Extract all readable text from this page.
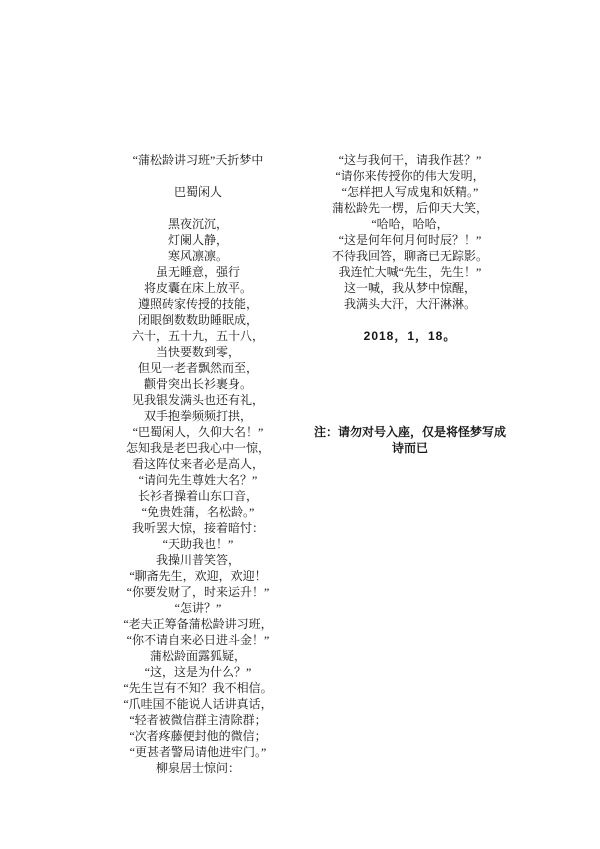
“蒲松龄讲习班”夭折梦中
巴蜀闲人
黑夜沉沉，
灯阑人静，
寒风凛凛。
虽无睡意，强行
将皮囊在床上放平。
遵照砖家传授的技能，
闭眼倒数数助睡眠成，
六十，五十九，五十八，
当快要数到零，
但见一老者飘然而至，
颧骨突出长衫裹身。
见我银发满头也还有礼，
双手抱拳频频打拱，
“巴蜀闲人，久仰大名！”
怎知我是老巴我心中一惊，
看这阵仗来者必是高人，
“请问先生尊姓大名？”
长衫者操着山东口音，
“免贵姓蒲，名松龄。”
我听罢大惊，接着暗忖：
“天助我也！”
我操川普笑答，
“聊斋先生，欢迎，欢迎！
“你要发财了，时来运升！”
“怎讲？”
“老夫正筹备蒲松龄讲习班，
“你不请自来必日进斗金！”
蒲松龄面露狐疑，
“这，这是为什么？”
“先生岂有不知？我不相信。
“爪哇国不能说人话讲真话，
“轻者被微信群主清除群；
“次者疼藤便封他的微信；
“更甚者警局请他进牢门。”
柳泉居士惊问：
“这与我何干，请我作甚？”
“请你来传授你的伟大发明，
“怎样把人写成鬼和妖精。”
蒲松龄先一楞，后仰天大笑，
“哈哈，哈哈，
“这是何年何月何时辰？！”
不待我回答，聊斋已无踪影。
我连忙大喊“先生，先生！”
这一喊，我从梦中惊醒，
我满头大汗，大汗淋淋。
2018，1，18。
注：请勿对号入座，仅是将怪梦写成
诗而已
